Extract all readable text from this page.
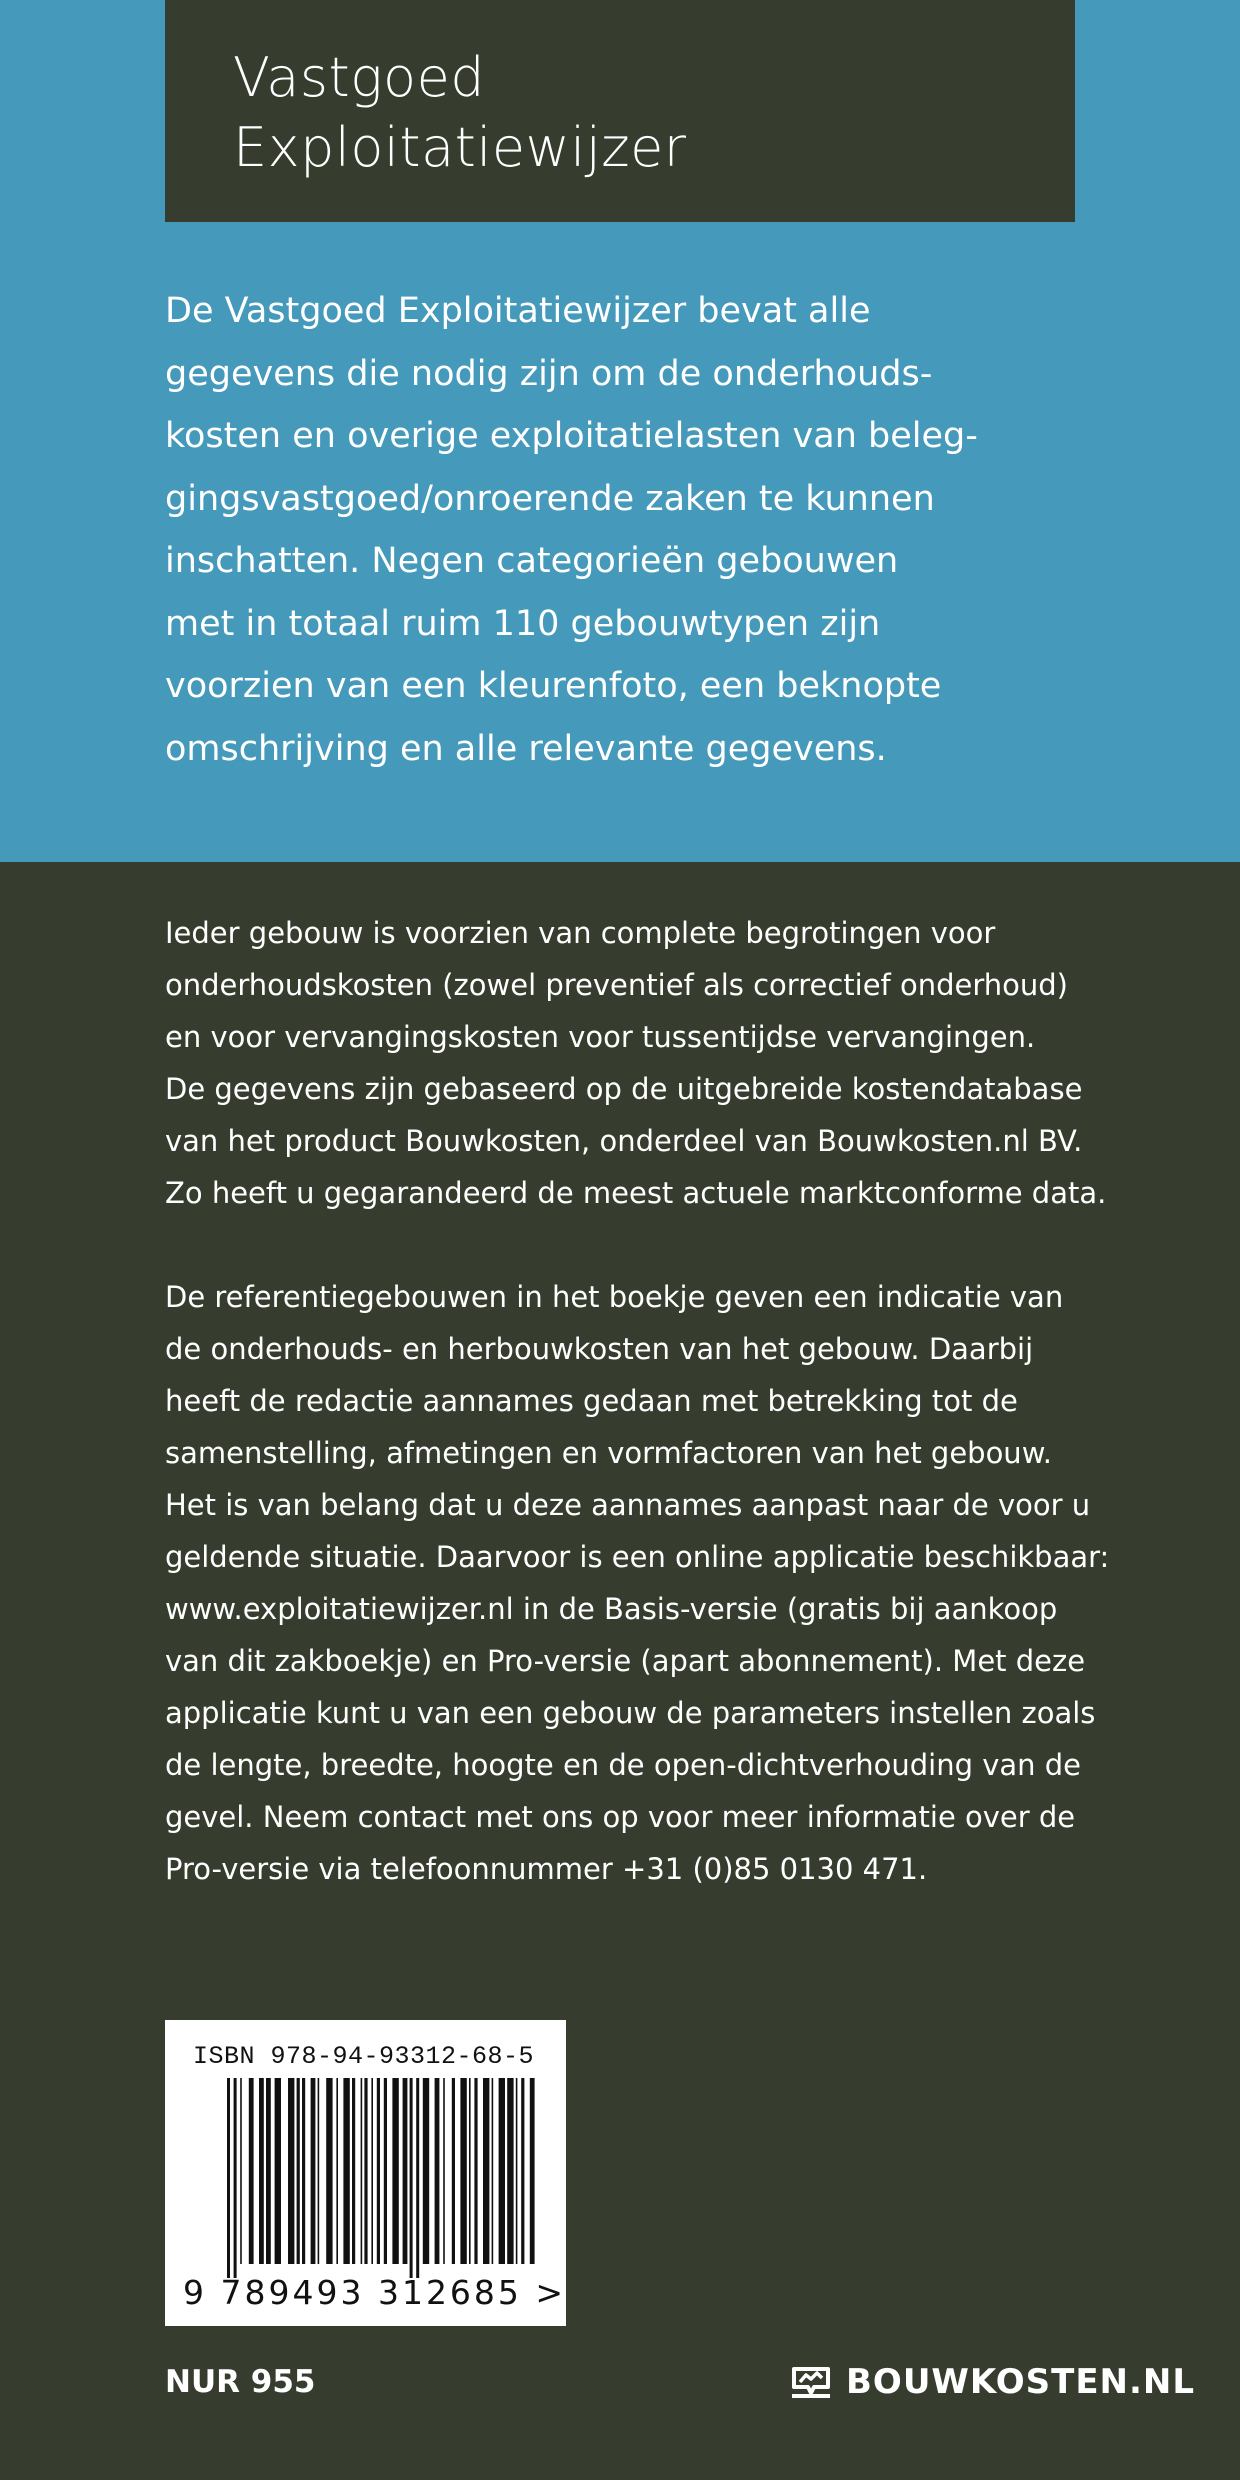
Vastgoed
Exploitatiewijzer
De Vastgoed Exploitatiewijzer bevat alle
gegevens die nodig zijn om de onderhouds-
kosten en overige exploitatielasten van beleg-
gingsvastgoed/onroerende zaken te kunnen
inschatten. Negen categorieën gebouwen
met in totaal ruim 110 gebouwtypen zijn
voorzien van een kleurenfoto, een beknopte
omschrijving en alle relevante gegevens.
Ieder gebouw is voorzien van complete begrotingen voor
onderhoudskosten (zowel preventief als correctief onderhoud)
en voor vervangingskosten voor tussentijdse vervangingen.
De gegevens zijn gebaseerd op de uitgebreide kostendatabase
van het product Bouwkosten, onderdeel van Bouwkosten.nl BV.
Zo heeft u gegarandeerd de meest actuele marktconforme data.
De referentiegebouwen in het boekje geven een indicatie van
de onderhouds- en herbouwkosten van het gebouw. Daarbij
heeft de redactie aannames gedaan met betrekking tot de
samenstelling, afmetingen en vormfactoren van het gebouw.
Het is van belang dat u deze aannames aanpast naar de voor u
geldende situatie. Daarvoor is een online applicatie beschikbaar:
www.exploitatiewijzer.nl in de Basis-versie (gratis bij aankoop
van dit zakboekje) en Pro-versie (apart abonnement). Met deze
applicatie kunt u van een gebouw de parameters instellen zoals
de lengte, breedte, hoogte en de open-dichtverhouding van de
gevel. Neem contact met ons op voor meer informatie over de
Pro-versie via telefoonnummer +31 (0)85 0130 471.
ISBN 978-94-93312-68-5
9 789493 312685 >
NUR 955	BOUWKOSTEN.NL
